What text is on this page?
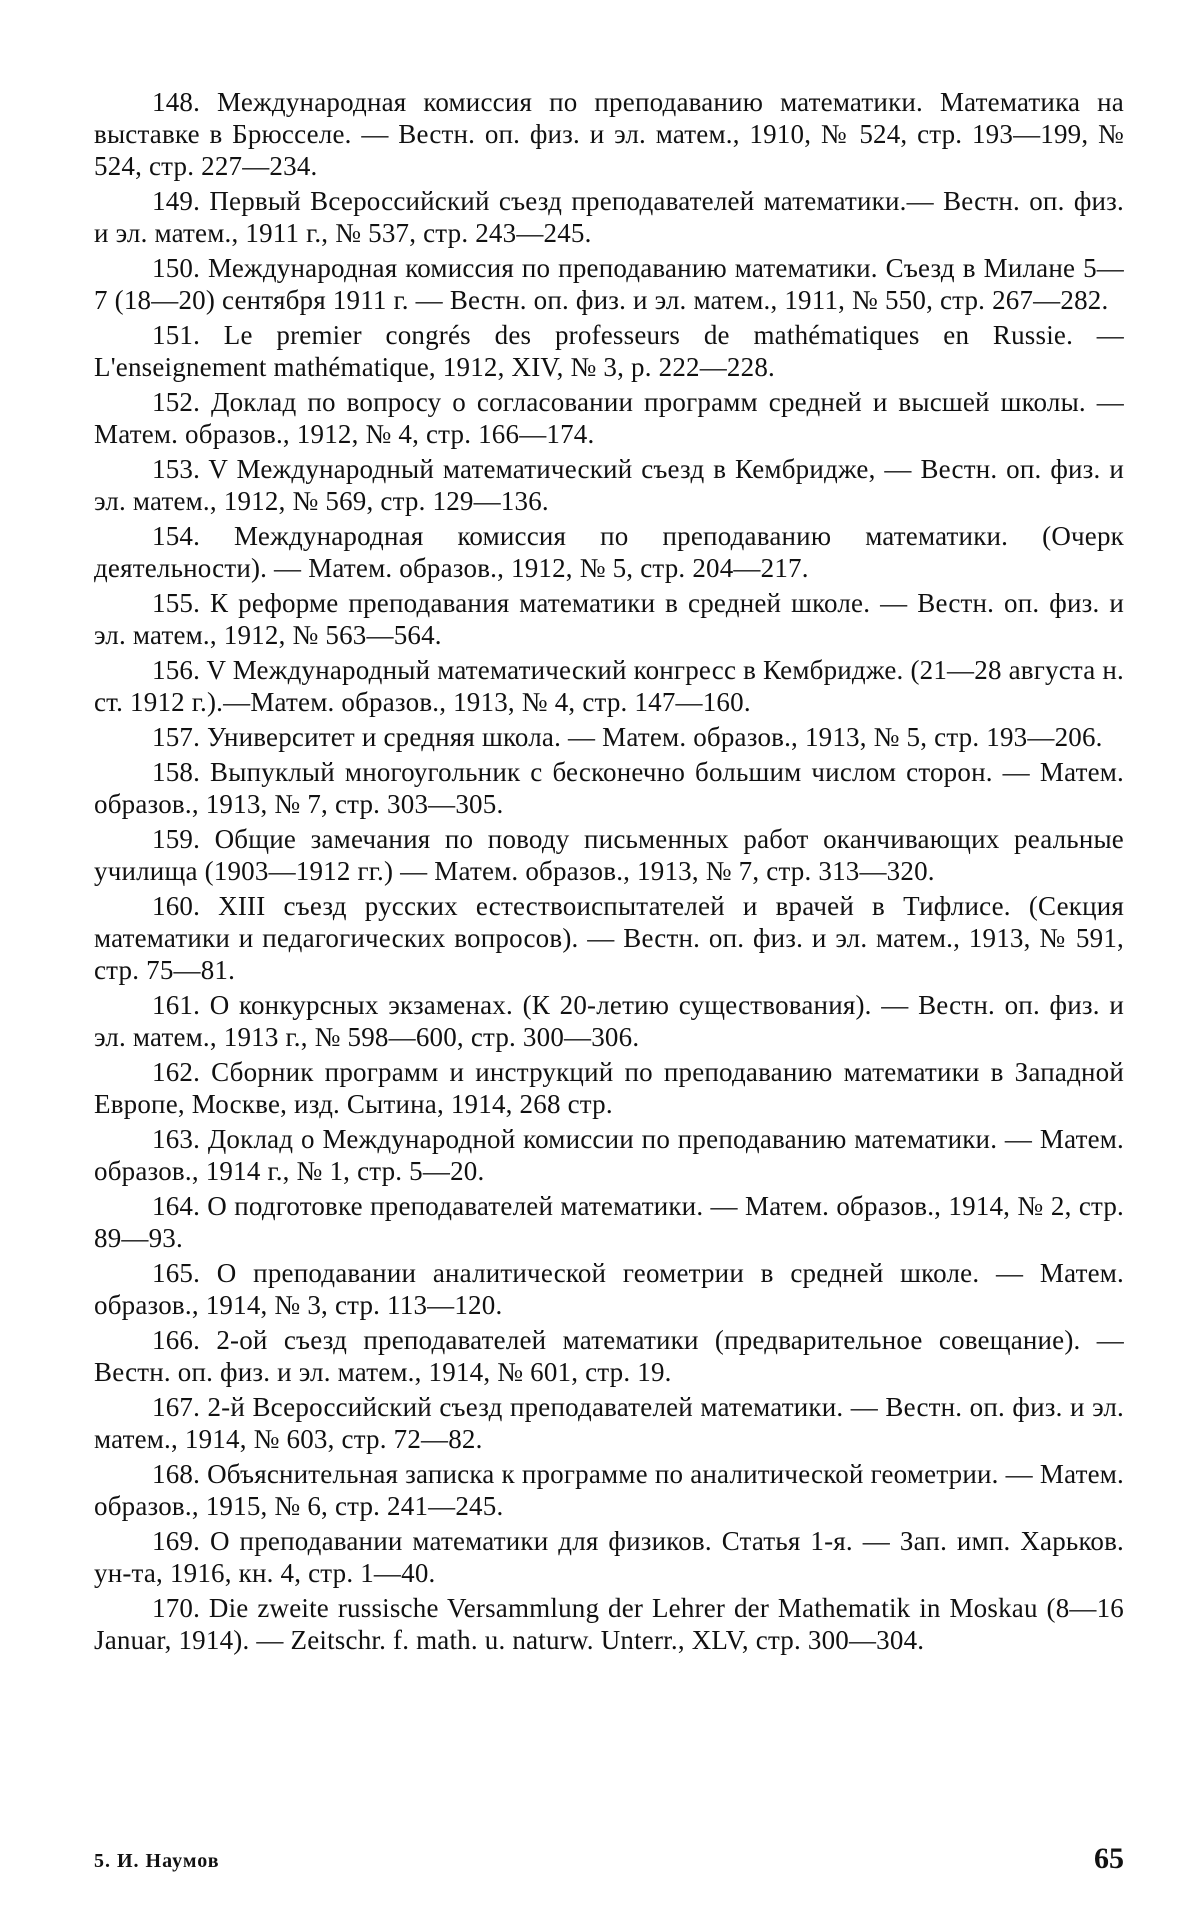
148. Международная комиссия по преподаванию математики. Математика на выставке в Брюсселе. — Вестн. оп. физ. и эл. матем., 1910, № 524, стр. 193—199, № 524, стр. 227—234.
149. Первый Всероссийский съезд преподавателей математики.— Вестн. оп. физ. и эл. матем., 1911 г., № 537, стр. 243—245.
150. Международная комиссия по преподаванию математики. Съезд в Милане 5—7 (18—20) сентября 1911 г. — Вестн. оп. физ. и эл. матем., 1911, № 550, стр. 267—282.
151. Le premier congrés des professeurs de mathématiques en Russie. — L'enseignement mathématique, 1912, XIV, № 3, p. 222—228.
152. Доклад по вопросу о согласовании программ средней и высшей школы. — Матем. образов., 1912, № 4, стр. 166—174.
153. V Международный математический съезд в Кембридже, — Вестн. оп. физ. и эл. матем., 1912, № 569, стр. 129—136.
154. Международная комиссия по преподаванию математики. (Очерк деятельности). — Матем. образов., 1912, № 5, стр. 204—217.
155. К реформе преподавания математики в средней школе. — Вестн. оп. физ. и эл. матем., 1912, № 563—564.
156. V Международный математический конгресс в Кембридже. (21—28 августа н. ст. 1912 г.).—Матем. образов., 1913, № 4, стр. 147—160.
157. Университет и средняя школа. — Матем. образов., 1913, № 5, стр. 193—206.
158. Выпуклый многоугольник с бесконечно большим числом сторон. — Матем. образов., 1913, № 7, стр. 303—305.
159. Общие замечания по поводу письменных работ оканчивающих реальные училища (1903—1912 гг.) — Матем. образов., 1913, № 7, стр. 313—320.
160. XIII съезд русских естествоиспытателей и врачей в Тифлисе. (Секция математики и педагогических вопросов). — Вестн. оп. физ. и эл. матем., 1913, № 591, стр. 75—81.
161. О конкурсных экзаменах. (К 20-летию существования). — Вестн. оп. физ. и эл. матем., 1913 г., № 598—600, стр. 300—306.
162. Сборник программ и инструкций по преподаванию математики в Западной Европе, Москве, изд. Сытина, 1914, 268 стр.
163. Доклад о Международной комиссии по преподаванию математики. — Матем. образов., 1914 г., № 1, стр. 5—20.
164. О подготовке преподавателей математики. — Матем. образов., 1914, № 2, стр. 89—93.
165. О преподавании аналитической геометрии в средней школе. — Матем. образов., 1914, № 3, стр. 113—120.
166. 2-ой съезд преподавателей математики (предварительное совещание). — Вестн. оп. физ. и эл. матем., 1914, № 601, стр. 19.
167. 2-й Всероссийский съезд преподавателей математики. — Вестн. оп. физ. и эл. матем., 1914, № 603, стр. 72—82.
168. Объяснительная записка к программе по аналитической геометрии. — Матем. образов., 1915, № 6, стр. 241—245.
169. О преподавании математики для физиков. Статья 1-я. — Зап. имп. Харьков. ун-та, 1916, кн. 4, стр. 1—40.
170. Die zweite russische Versammlung der Lehrer der Mathematik in Moskau (8—16 Januar, 1914). — Zeitschr. f. math. u. naturw. Unterr., XLV, стр. 300—304.
5. И. Наумов	65
